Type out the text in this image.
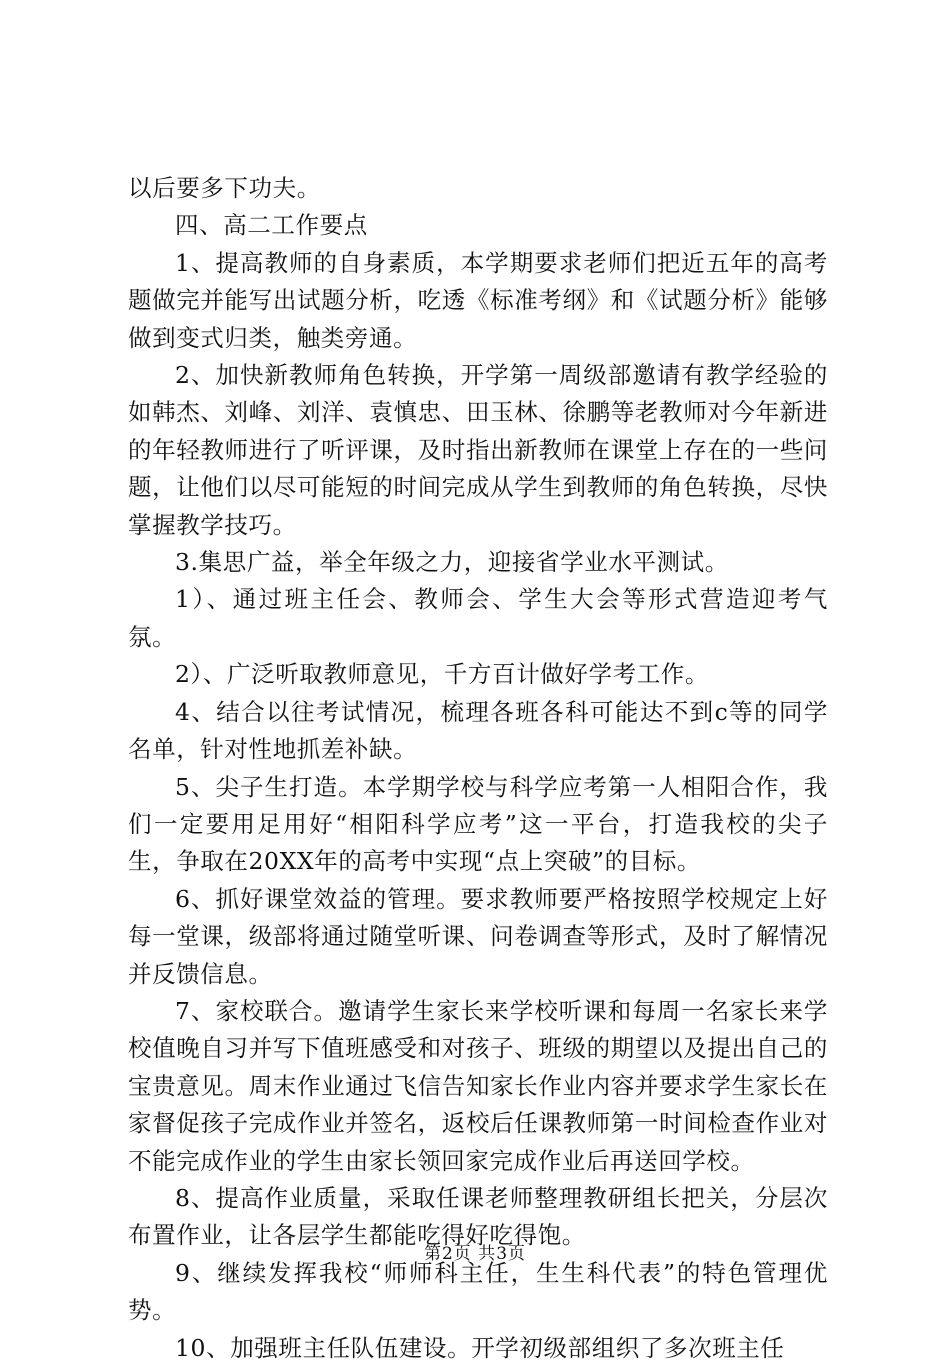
以后要多下功夫。

四、高二工作要点

1、提高教师的自身素质，本学期要求老师们把近五年的高考题做完并能写出试题分析，吃透《标准考纲》和《试题分析》能够做到变式归类，触类旁通。

2、加快新教师角色转换，开学第一周级部邀请有教学经验的如韩杰、刘峰、刘洋、袁慎忠、田玉林、徐鹏等老教师对今年新进的年轻教师进行了听评课，及时指出新教师在课堂上存在的一些问题，让他们以尽可能短的时间完成从学生到教师的角色转换，尽快掌握教学技巧。

3.集思广益，举全年级之力，迎接省学业水平测试。

1）、通过班主任会、教师会、学生大会等形式营造迎考气氛。

2）、广泛听取教师意见，千方百计做好学考工作。

4、结合以往考试情况，梳理各班各科可能达不到c等的同学名单，针对性地抓差补缺。

5、尖子生打造。本学期学校与科学应考第一人相阳合作，我们一定要用足用好“相阳科学应考”这一平台，打造我校的尖子生，争取在20XX年的高考中实现“点上突破”的目标。

6、抓好课堂效益的管理。要求教师要严格按照学校规定上好每一堂课，级部将通过随堂听课、问卷调查等形式，及时了解情况并反馈信息。

7、家校联合。邀请学生家长来学校听课和每周一名家长来学校值晚自习并写下值班感受和对孩子、班级的期望以及提出自己的宝贵意见。周末作业通过飞信告知家长作业内容并要求学生家长在家督促孩子完成作业并签名，返校后任课教师第一时间检查作业对不能完成作业的学生由家长领回家完成作业后再送回学校。

8、提高作业质量，采取任课老师整理教研组长把关，分层次布置作业，让各层学生都能吃得好吃得饱。

9、继续发挥我校“师师科主任，生生科代表”的特色管理优势。

10、加强班主任队伍建设。开学初级部组织了多次班主任

第2页 共3页
